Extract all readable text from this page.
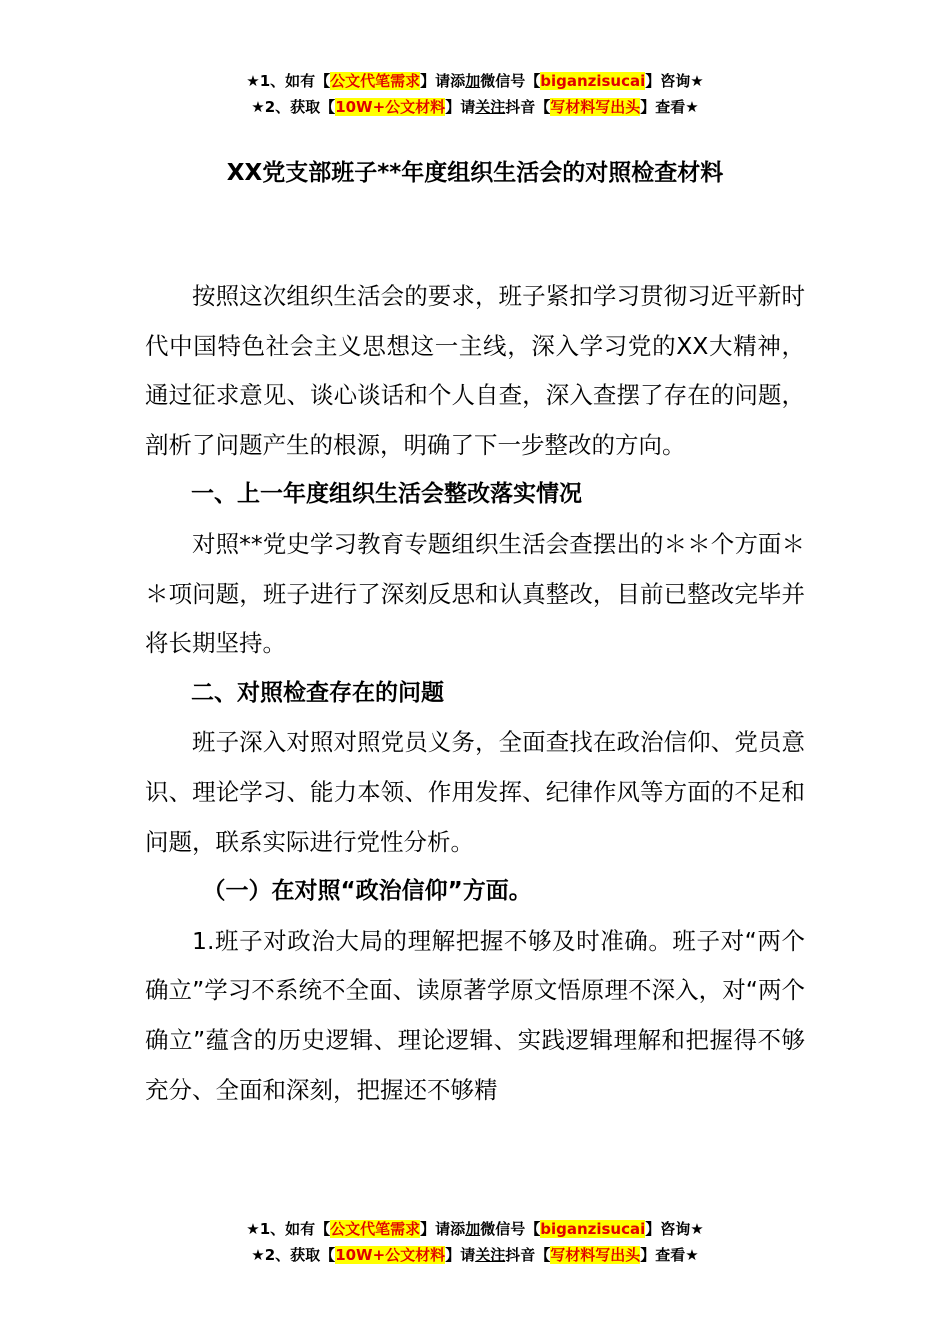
★1、如有【公文代笔需求】请添加微信号【biganzisucai】咨询★
★2、获取【10W+公文材料】请关注抖音【写材料写出头】查看★
XX党支部班子**年度组织生活会的对照检查材料

按照这次组织生活会的要求，班子紧扣学习贯彻习近平新时代中国特色社会主义思想这一主线，深入学习党的XX大精神，通过征求意见、谈心谈话和个人自查，深入查摆了存在的问题，剖析了问题产生的根源，明确了下一步整改的方向。

一、上一年度组织生活会整改落实情况

对照**党史学习教育专题组织生活会查摆出的＊＊个方面＊＊项问题，班子进行了深刻反思和认真整改，目前已整改完毕并将长期坚持。

二、对照检查存在的问题

班子深入对照对照党员义务，全面查找在政治信仰、党员意识、理论学习、能力本领、作用发挥、纪律作风等方面的不足和问题，联系实际进行党性分析。

（一）在对照“政治信仰”方面。

1.班子对政治大局的理解把握不够及时准确。班子对“两个确立”学习不系统不全面、读原著学原文悟原理不深入，对“两个确立”蕴含的历史逻辑、理论逻辑、实践逻辑理解和把握得不够充分、全面和深刻，把握还不够精

★1、如有【公文代笔需求】请添加微信号【biganzisucai】咨询★
★2、获取【10W+公文材料】请关注抖音【写材料写出头】查看★
